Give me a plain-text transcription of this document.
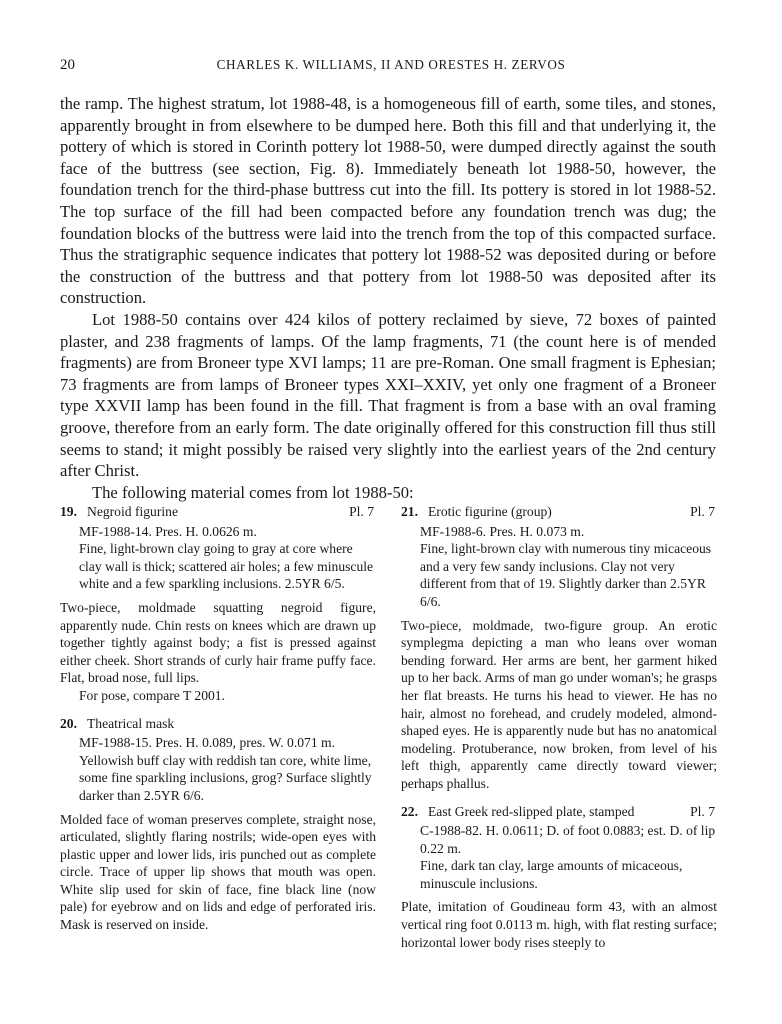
20	CHARLES K. WILLIAMS, II AND ORESTES H. ZERVOS

the ramp. The highest stratum, lot 1988-48, is a homogeneous fill of earth, some tiles, and stones, apparently brought in from elsewhere to be dumped here. Both this fill and that underlying it, the pottery of which is stored in Corinth pottery lot 1988-50, were dumped directly against the south face of the buttress (see section, Fig. 8). Immediately beneath lot 1988-50, however, the foundation trench for the third-phase buttress cut into the fill. Its pottery is stored in lot 1988-52. The top surface of the fill had been compacted before any foundation trench was dug; the foundation blocks of the buttress were laid into the trench from the top of this compacted surface. Thus the stratigraphic sequence indicates that pottery lot 1988-52 was deposited during or before the construction of the buttress and that pottery from lot 1988-50 was deposited after its construction.

Lot 1988-50 contains over 424 kilos of pottery reclaimed by sieve, 72 boxes of painted plaster, and 238 fragments of lamps. Of the lamp fragments, 71 (the count here is of mended fragments) are from Broneer type XVI lamps; 11 are pre-Roman. One small fragment is Ephesian; 73 fragments are from lamps of Broneer types XXI–XXIV, yet only one fragment of a Broneer type XXVII lamp has been found in the fill. That fragment is from a base with an oval framing groove, therefore from an early form. The date originally offered for this construction fill thus still seems to stand; it might possibly be raised very slightly into the earliest years of the 2nd century after Christ.

The following material comes from lot 1988-50:

19. Negroid figurine	Pl. 7

MF-1988-14. Pres. H. 0.0626 m.

Fine, light-brown clay going to gray at core where clay wall is thick; scattered air holes; a few minuscule white and a few sparkling inclusions. 2.5YR 6/5.

Two-piece, moldmade squatting negroid figure, apparently nude. Chin rests on knees which are drawn up together tightly against body; a fist is pressed against either cheek. Short strands of curly hair frame puffy face. Flat, broad nose, full lips.

For pose, compare T 2001.

20. Theatrical mask

MF-1988-15. Pres. H. 0.089, pres. W. 0.071 m.

Yellowish buff clay with reddish tan core, white lime, some fine sparkling inclusions, grog? Surface slightly darker than 2.5YR 6/6.

Molded face of woman preserves complete, straight nose, articulated, slightly flaring nostrils; wide-open eyes with plastic upper and lower lids, iris punched out as complete circle. Trace of upper lip shows that mouth was open. White slip used for skin of face, fine black line (now pale) for eyebrow and on lids and edge of perforated iris. Mask is reserved on inside.

21. Erotic figurine (group)	Pl. 7

MF-1988-6. Pres. H. 0.073 m.

Fine, light-brown clay with numerous tiny micaceous and a very few sandy inclusions. Clay not very different from that of 19. Slightly darker than 2.5YR 6/6.

Two-piece, moldmade, two-figure group. An erotic symplegma depicting a man who leans over woman bending forward. Her arms are bent, her garment hiked up to her back. Arms of man go under woman's; he grasps her flat breasts. He turns his head to viewer. He has no hair, almost no forehead, and crudely modeled, almond-shaped eyes. He is apparently nude but has no anatomical modeling. Protuberance, now broken, from level of his left thigh, apparently came directly toward viewer; perhaps phallus.

22. East Greek red-slipped plate, stamped	Pl. 7

C-1988-82. H. 0.0611; D. of foot 0.0883; est. D. of lip 0.22 m.

Fine, dark tan clay, large amounts of micaceous, minuscule inclusions.

Plate, imitation of Goudineau form 43, with an almost vertical ring foot 0.0113 m. high, with flat resting surface; horizontal lower body rises steeply to
